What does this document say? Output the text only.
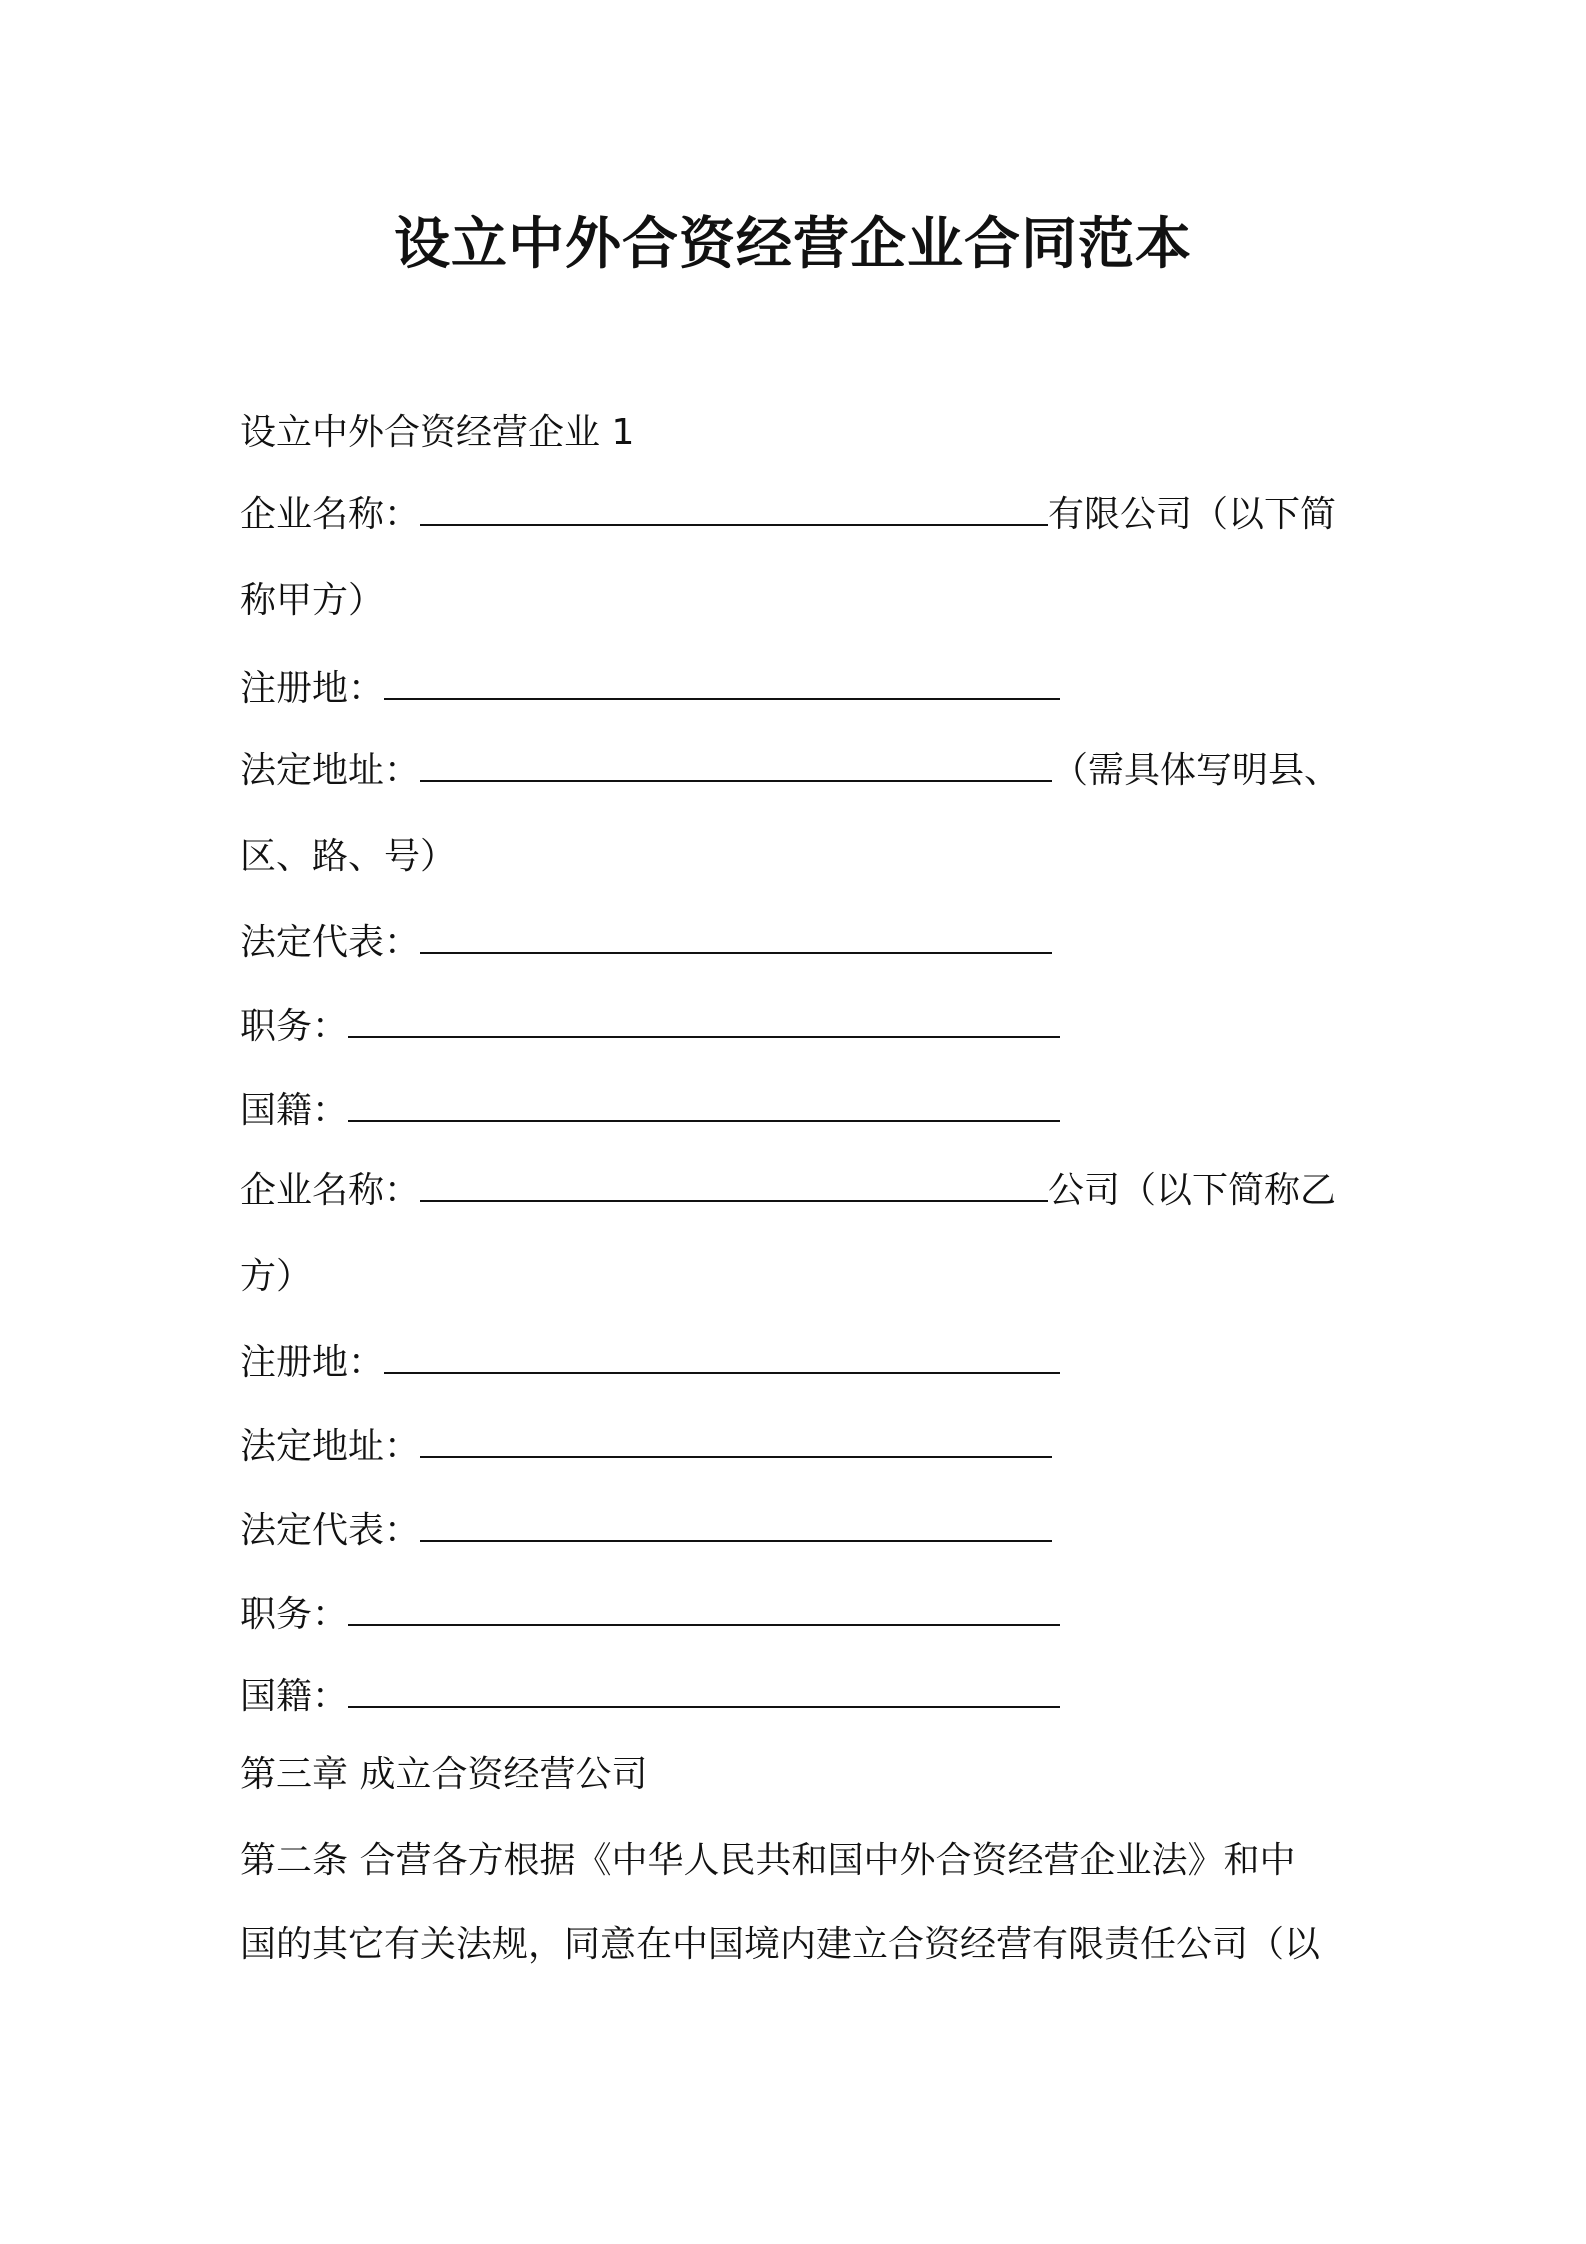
设立中外合资经营企业合同范本

设立中外合资经营企业 1

企业名称：	有限公司（以下简

称甲方）

注册地：

法定地址：	（需具体写明县、

区、路、号）

法定代表：

职务：

国籍：

企业名称：	公司（以下简称乙

方）

注册地：

法定地址：

法定代表：

职务：

国籍：

第三章 成立合资经营公司

第二条 合营各方根据《中华人民共和国中外合资经营企业法》和中

国的其它有关法规，同意在中国境内建立合资经营有限责任公司（以
